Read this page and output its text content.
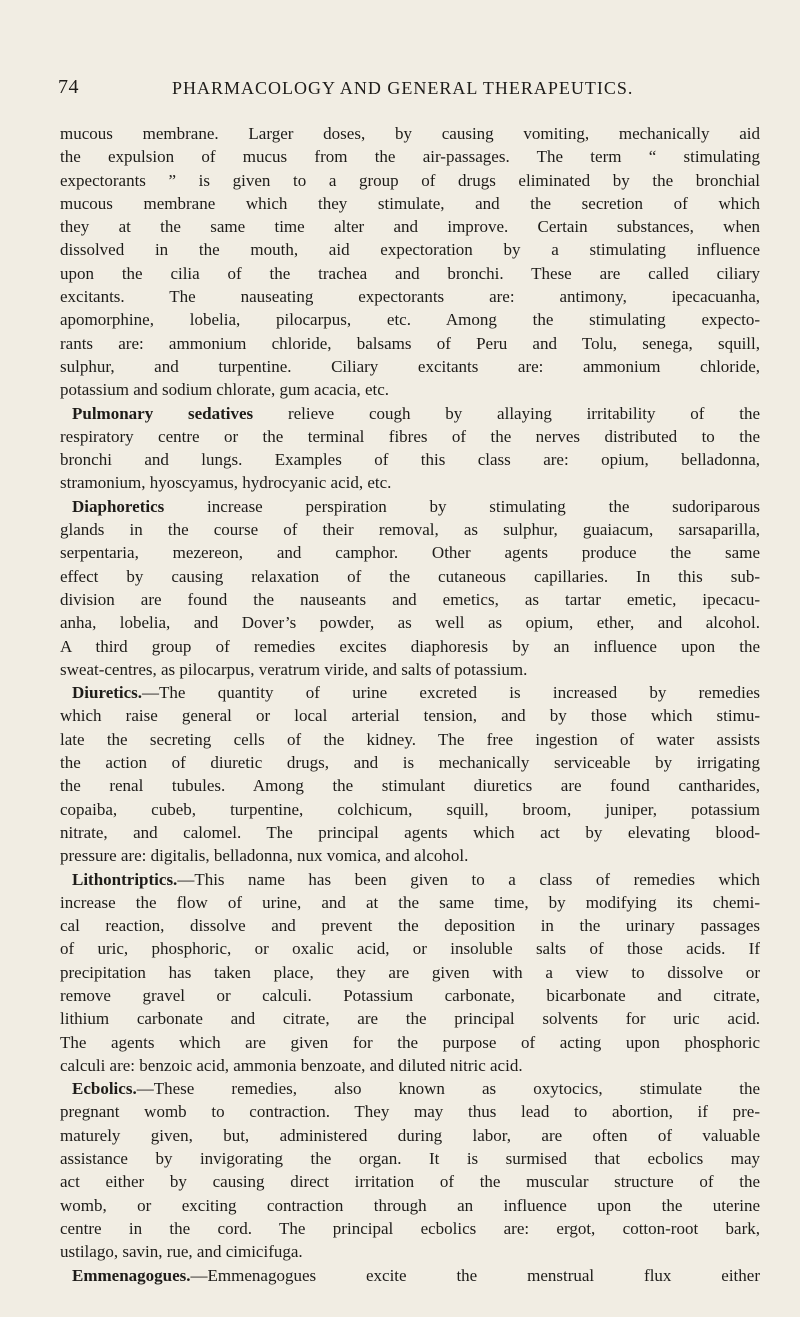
74	PHARMACOLOGY AND GENERAL THERAPEUTICS.
mucous membrane. Larger doses, by causing vomiting, mechanically aid
the expulsion of mucus from the air-passages. The term “ stimulating
expectorants ” is given to a group of drugs eliminated by the bronchial
mucous membrane which they stimulate, and the secretion of which
they at the same time alter and improve. Certain substances, when
dissolved in the mouth, aid expectoration by a stimulating influence
upon the cilia of the trachea and bronchi. These are called ciliary
excitants. The nauseating expectorants are: antimony, ipecacuanha,
apomorphine, lobelia, pilocarpus, etc. Among the stimulating expecto-
rants are: ammonium chloride, balsams of Peru and Tolu, senega, squill,
sulphur, and turpentine. Ciliary excitants are: ammonium chloride,
potassium and sodium chlorate, gum acacia, etc.
Pulmonary sedatives relieve cough by allaying irritability of the
respiratory centre or the terminal fibres of the nerves distributed to the
bronchi and lungs. Examples of this class are: opium, belladonna,
stramonium, hyoscyamus, hydrocyanic acid, etc.
Diaphoretics increase perspiration by stimulating the sudoriparous
glands in the course of their removal, as sulphur, guaiacum, sarsaparilla,
serpentaria, mezereon, and camphor. Other agents produce the same
effect by causing relaxation of the cutaneous capillaries. In this sub-
division are found the nauseants and emetics, as tartar emetic, ipecacu-
anha, lobelia, and Dover’s powder, as well as opium, ether, and alcohol.
A third group of remedies excites diaphoresis by an influence upon the
sweat-centres, as pilocarpus, veratrum viride, and salts of potassium.
Diuretics.—The quantity of urine excreted is increased by remedies
which raise general or local arterial tension, and by those which stimu-
late the secreting cells of the kidney. The free ingestion of water assists
the action of diuretic drugs, and is mechanically serviceable by irrigating
the renal tubules. Among the stimulant diuretics are found cantharides,
copaiba, cubeb, turpentine, colchicum, squill, broom, juniper, potassium
nitrate, and calomel. The principal agents which act by elevating blood-
pressure are: digitalis, belladonna, nux vomica, and alcohol.
Lithontriptics.—This name has been given to a class of remedies which
increase the flow of urine, and at the same time, by modifying its chemi-
cal reaction, dissolve and prevent the deposition in the urinary passages
of uric, phosphoric, or oxalic acid, or insoluble salts of those acids. If
precipitation has taken place, they are given with a view to dissolve or
remove gravel or calculi. Potassium carbonate, bicarbonate and citrate,
lithium carbonate and citrate, are the principal solvents for uric acid.
The agents which are given for the purpose of acting upon phosphoric
calculi are: benzoic acid, ammonia benzoate, and diluted nitric acid.
Ecbolics.—These remedies, also known as oxytocics, stimulate the
pregnant womb to contraction. They may thus lead to abortion, if pre-
maturely given, but, administered during labor, are often of valuable
assistance by invigorating the organ. It is surmised that ecbolics may
act either by causing direct irritation of the muscular structure of the
womb, or exciting contraction through an influence upon the uterine
centre in the cord. The principal ecbolics are: ergot, cotton-root bark,
ustilago, savin, rue, and cimicifuga.
Emmenagogues.—Emmenagogues excite the menstrual flux either
